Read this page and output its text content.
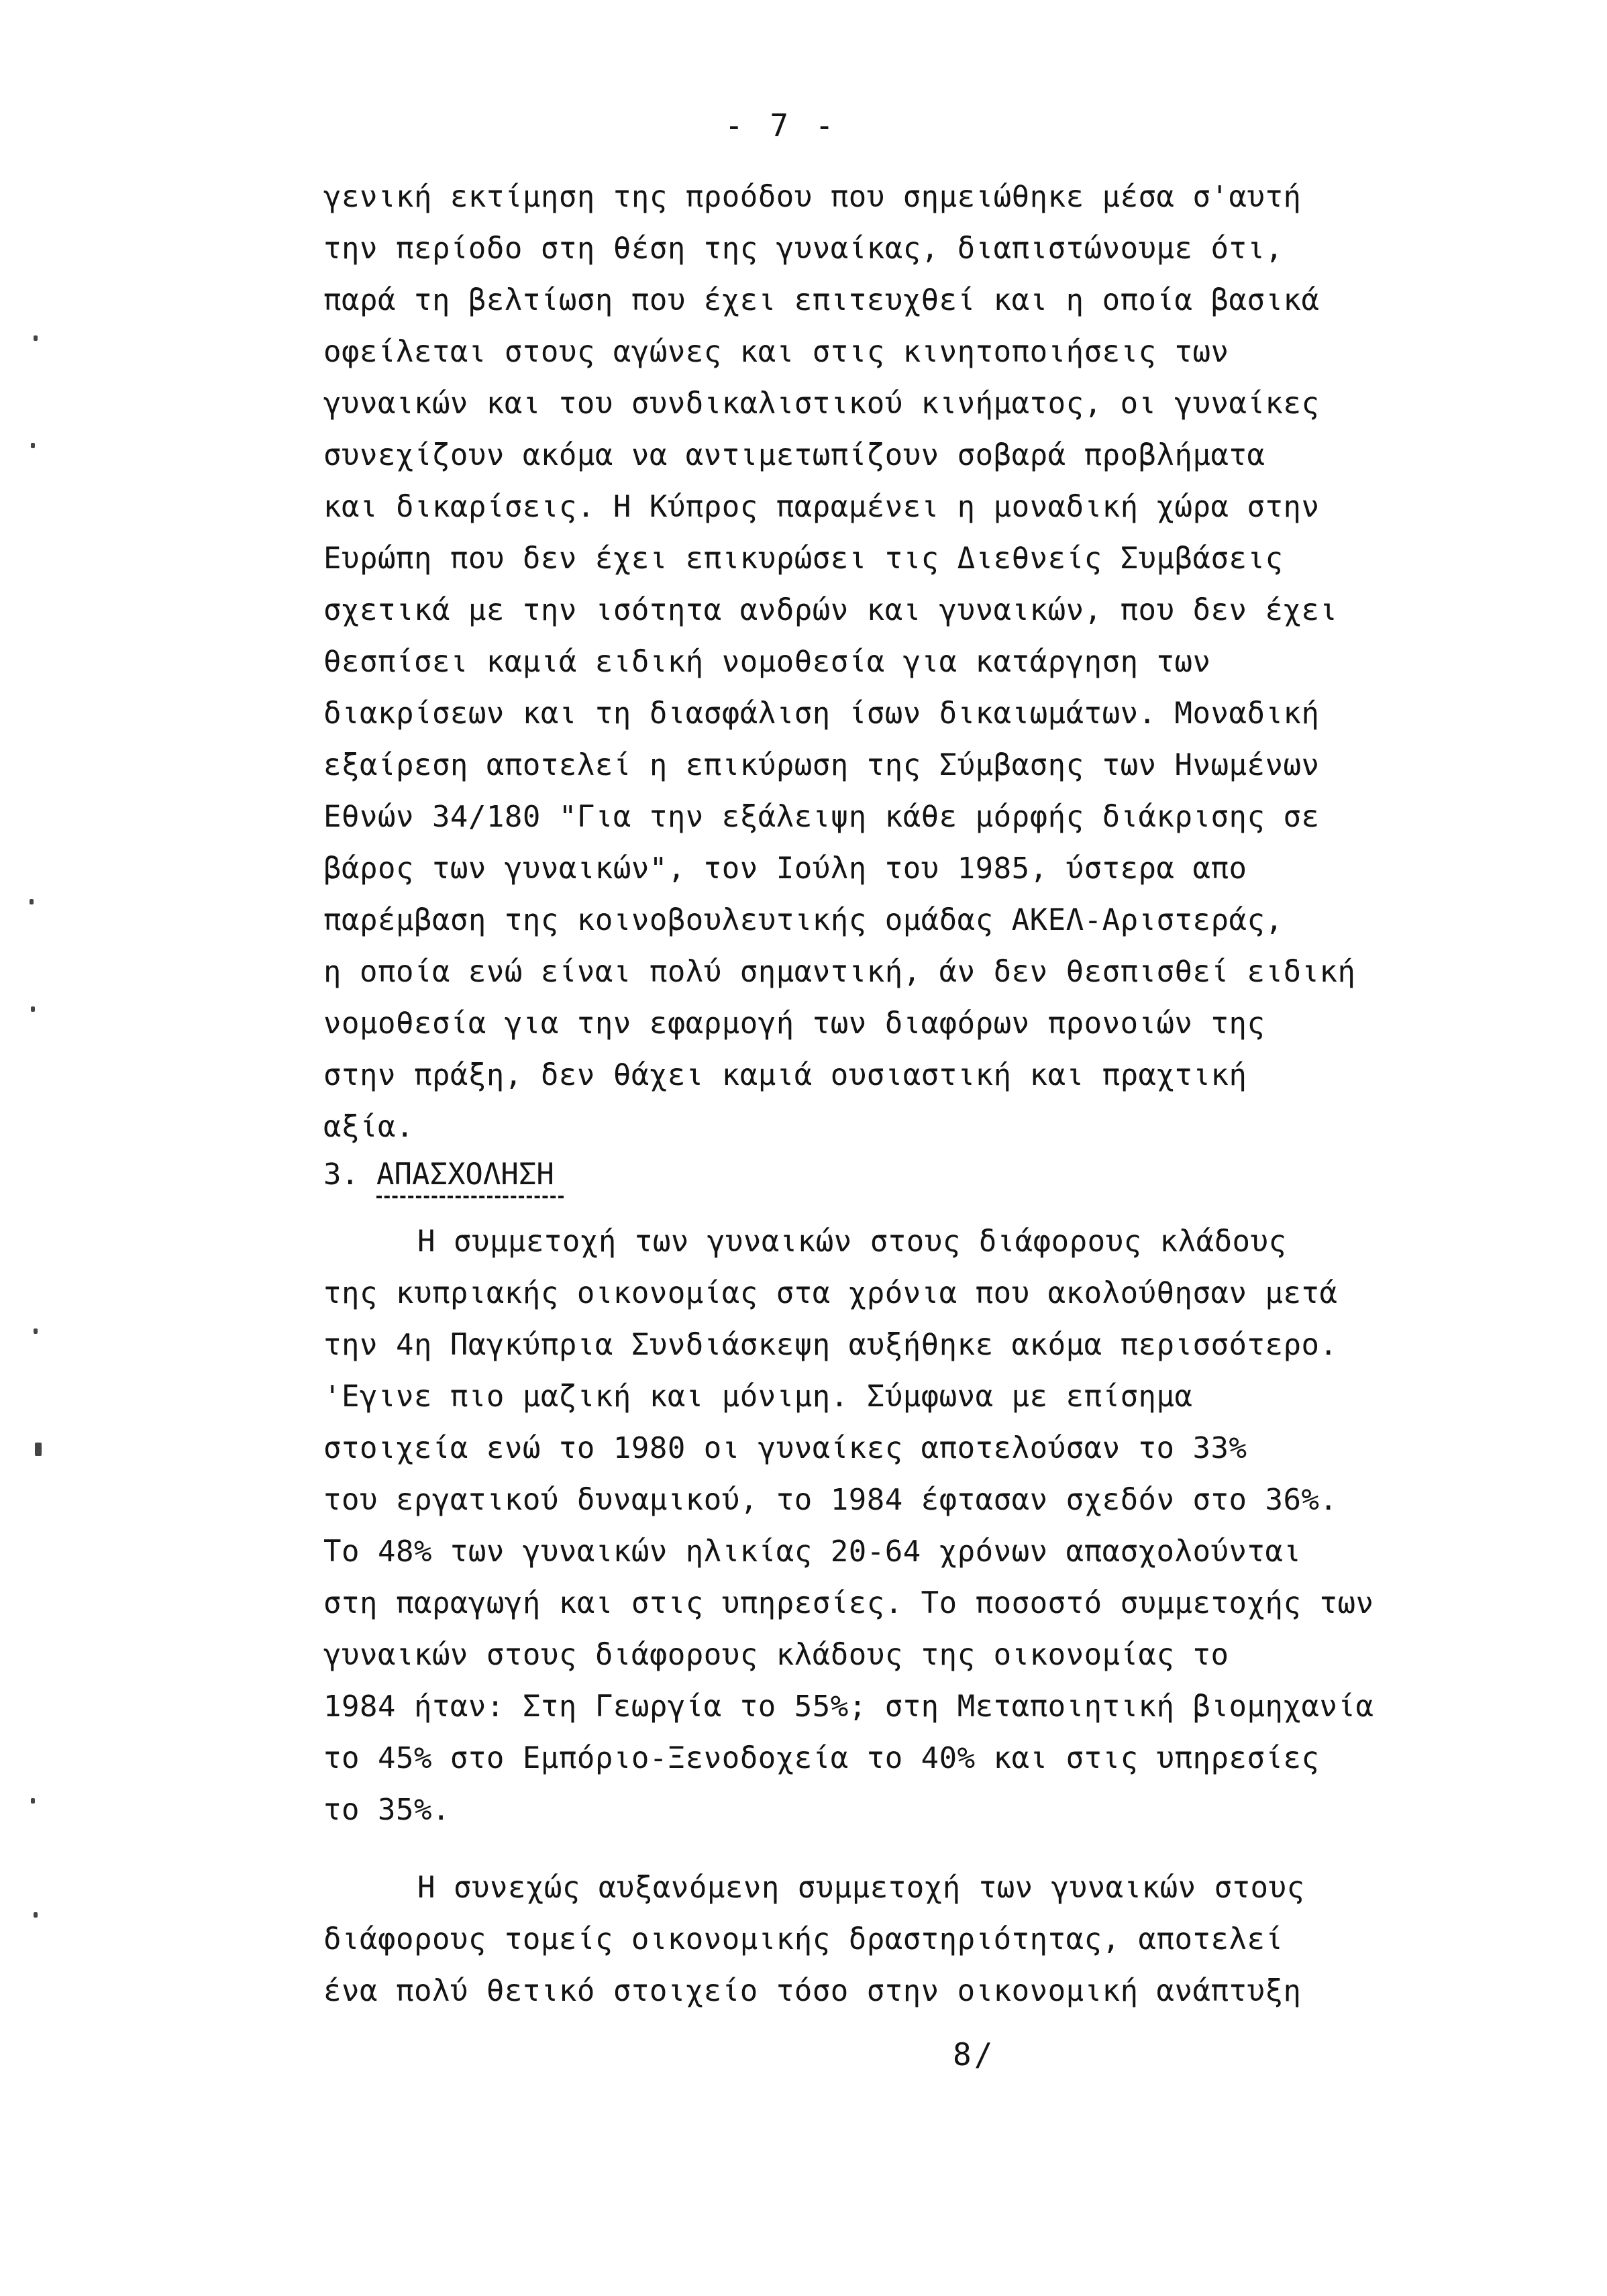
- 7 -
γενική εκτίμηση της προόδου που σημειώθηκε μέσα σ'αυτή
την περίοδο στη θέση της γυναίκας, διαπιστώνουμε ότι,
παρά τη βελτίωση που έχει επιτευχθεί και η οποία βασικά
οφείλεται στους αγώνες και στις κινητοποιήσεις των
γυναικών και του συνδικαλιστικού κινήματος, οι γυναίκες
συνεχίζουν ακόμα να αντιμετωπίζουν σοβαρά προβλήματα
και δικαρίσεις. Η Κύπρος παραμένει η μοναδική χώρα στην
Ευρώπη που δεν έχει επικυρώσει τις Διεθνείς Συμβάσεις
σχετικά με την ισότητα ανδρών και γυναικών, που δεν έχει
θεσπίσει καμιά ειδική νομοθεσία για κατάργηση των
διακρίσεων και τη διασφάλιση ίσων δικαιωμάτων. Μοναδική
εξαίρεση αποτελεί η επικύρωση της Σύμβασης των Ηνωμένων
Εθνών 34/180 "Για την εξάλειψη κάθε μόρφής διάκρισης σε
βάρος των γυναικών", τον Ιούλη του 1985, ύστερα απο
παρέμβαση της κοινοβουλευτικής ομάδας ΑΚΕΛ-Αριστεράς,
η οποία ενώ είναι πολύ σημαντική, άν δεν θεσπισθεί ειδική
νομοθεσία για την εφαρμογή των διαφόρων προνοιών της
στην πράξη, δεν θάχει καμιά ουσιαστική και πραχτική
αξία.
3. ΑΠΑΣΧΟΛΗΣΗ
Η συμμετοχή των γυναικών στους διάφορους κλάδους
της κυπριακής οικονομίας στα χρόνια που ακολούθησαν μετά
την 4η Παγκύπρια Συνδιάσκεψη αυξήθηκε ακόμα περισσότερο.
'Εγινε πιο μαζική και μόνιμη. Σύμφωνα με επίσημα
στοιχεία ενώ το 1980 οι γυναίκες αποτελούσαν το 33%
του εργατικού δυναμικού, το 1984 έφτασαν σχεδόν στο 36%.
Το 48% των γυναικών ηλικίας 20-64 χρόνων απασχολούνται
στη παραγωγή και στις υπηρεσίες. Το ποσοστό συμμετοχής των
γυναικών στους διάφορους κλάδους της οικονομίας το
1984 ήταν: Στη Γεωργία το 55%; στη Μεταποιητική βιομηχανία
το 45% στο Εμπόριο-Ξενοδοχεία το 40% και στις υπηρεσίες
το 35%.
Η συνεχώς αυξανόμενη συμμετοχή των γυναικών στους
διάφορους τομείς οικονομικής δραστηριότητας, αποτελεί
ένα πολύ θετικό στοιχείο τόσο στην οικονομική ανάπτυξη
8/
